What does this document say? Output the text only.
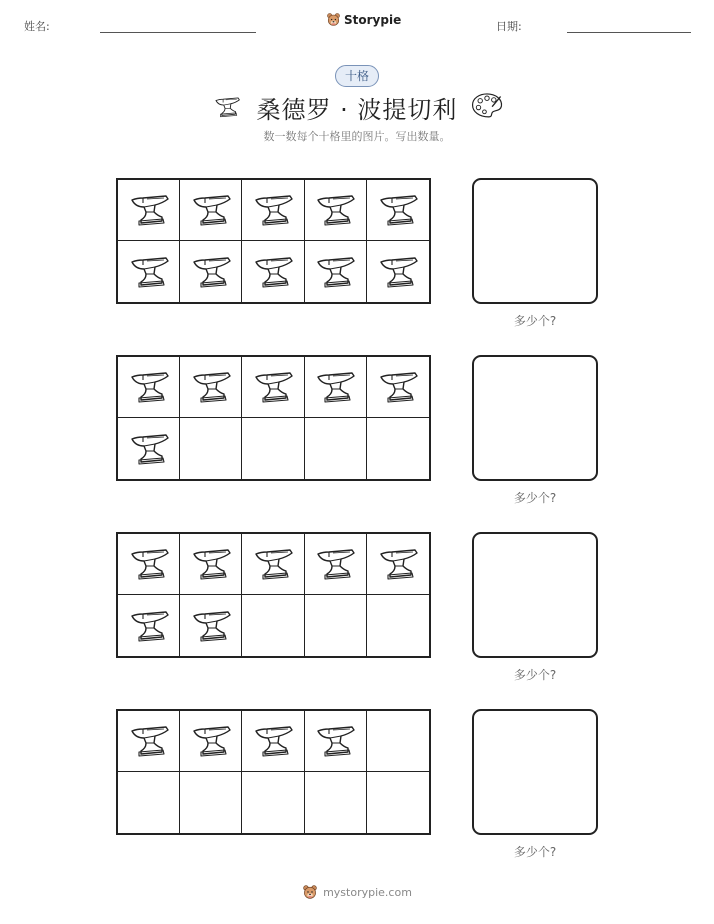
姓名:	Storypie	日期:
十格
桑德罗 · 波提切利
数一数每个十格里的图片。写出数量。
多少个?
多少个?
多少个?
多少个?
mystorypie.com
